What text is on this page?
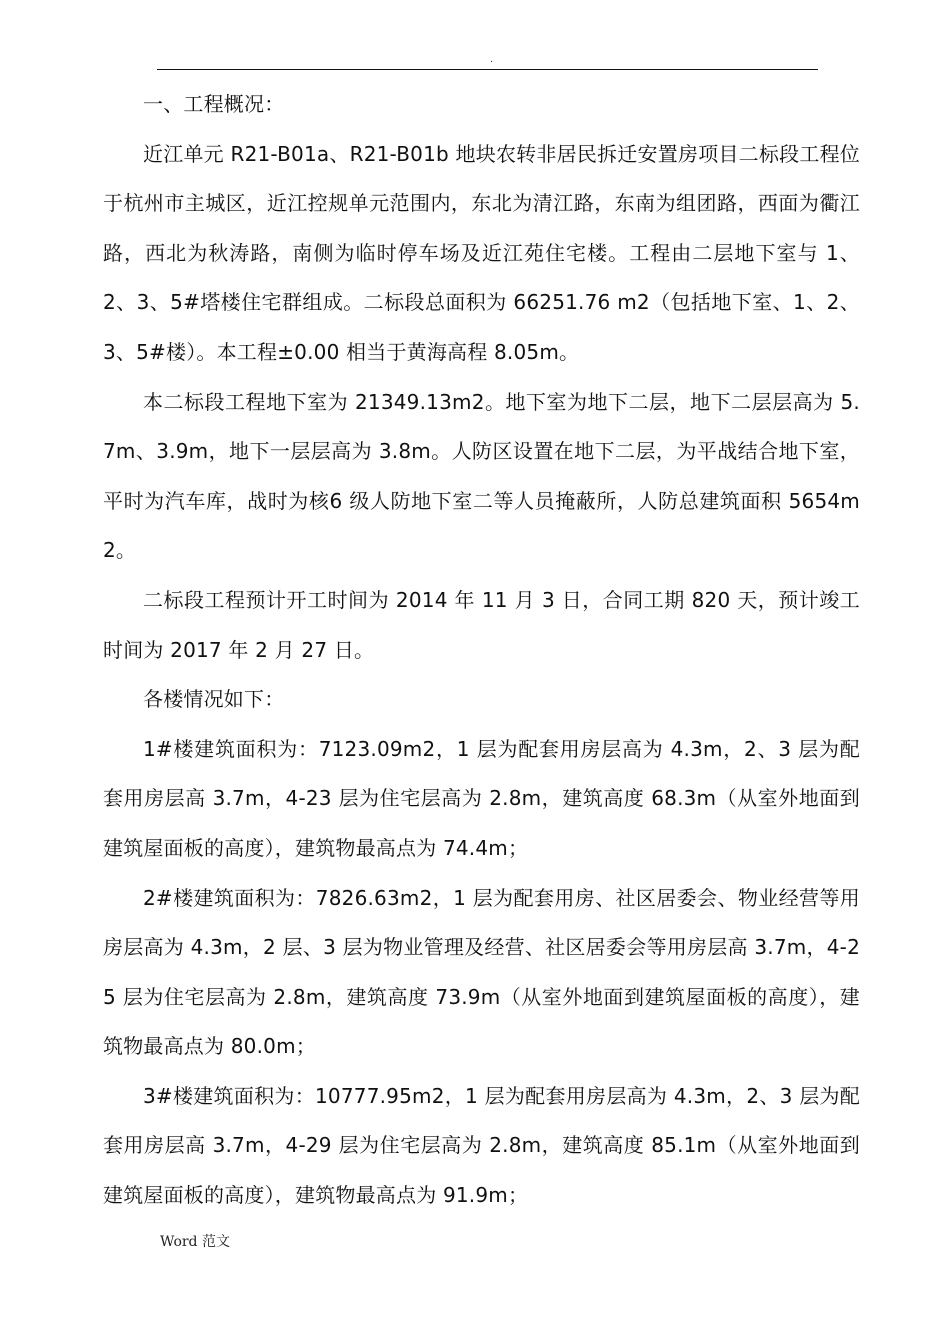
.

一、工程概况：

近江单元 R21-B01a、R21-B01b 地块农转非居民拆迁安置房项目二标段工程位于杭州市主城区，近江控规单元范围内，东北为清江路，东南为组团路，西面为衢江路，西北为秋涛路，南侧为临时停车场及近江苑住宅楼。工程由二层地下室与 1、2、3、5#塔楼住宅群组成。二标段总面积为 66251.76 m2（包括地下室、1、2、3、5#楼）。本工程±0.00 相当于黄海高程 8.05m。

本二标段工程地下室为 21349.13m2。地下室为地下二层，地下二层层高为 5.7m、3.9m，地下一层层高为 3.8m。人防区设置在地下二层，为平战结合地下室，平时为汽车库，战时为核6 级人防地下室二等人员掩蔽所，人防总建筑面积 5654m2。

二标段工程预计开工时间为 2014 年 11 月 3 日，合同工期 820 天，预计竣工时间为 2017 年 2 月 27 日。

各楼情况如下：

1#楼建筑面积为：7123.09m2，1 层为配套用房层高为 4.3m，2、3 层为配套用房层高 3.7m，4-23 层为住宅层高为 2.8m，建筑高度 68.3m（从室外地面到建筑屋面板的高度），建筑物最高点为 74.4m；

2#楼建筑面积为：7826.63m2，1 层为配套用房、社区居委会、物业经营等用房层高为 4.3m，2 层、3 层为物业管理及经营、社区居委会等用房层高 3.7m，4-25 层为住宅层高为 2.8m，建筑高度 73.9m（从室外地面到建筑屋面板的高度），建筑物最高点为 80.0m；

3#楼建筑面积为：10777.95m2，1 层为配套用房层高为 4.3m，2、3 层为配套用房层高 3.7m，4-29 层为住宅层高为 2.8m，建筑高度 85.1m（从室外地面到建筑屋面板的高度），建筑物最高点为 91.9m；

Word 范文
